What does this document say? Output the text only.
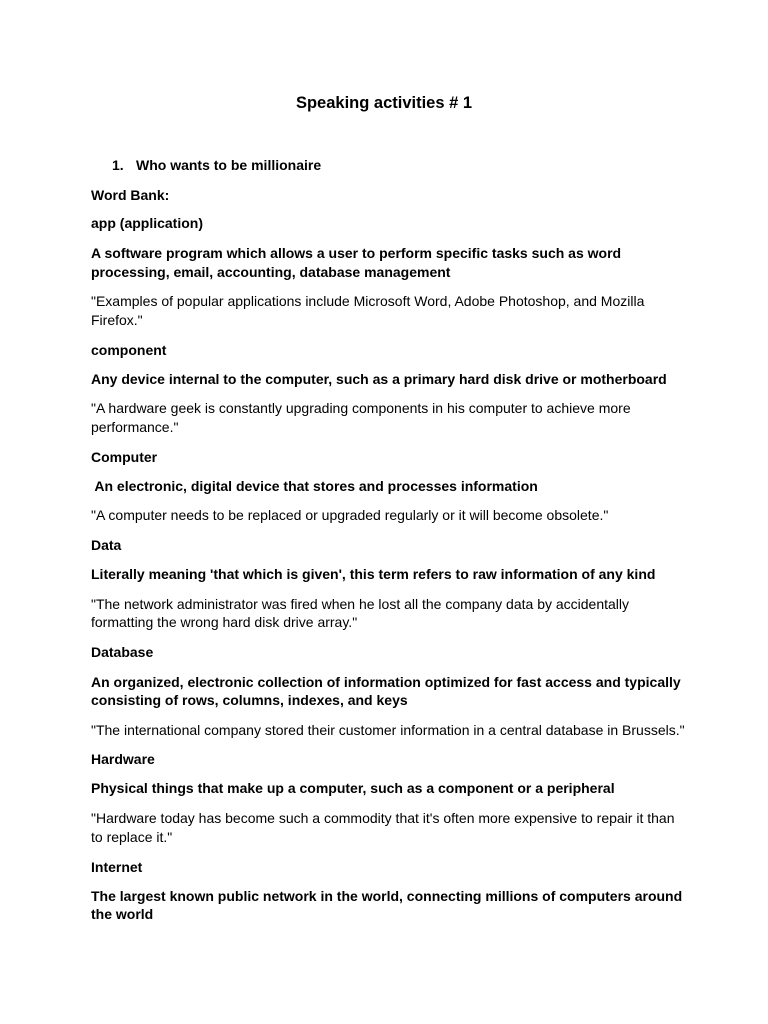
Speaking activities # 1
1. Who wants to be millionaire
Word Bank:
app (application)
A software program which allows a user to perform specific tasks such as word
processing, email, accounting, database management
"Examples of popular applications include Microsoft Word, Adobe Photoshop, and Mozilla
Firefox."
component
Any device internal to the computer, such as a primary hard disk drive or motherboard
"A hardware geek is constantly upgrading components in his computer to achieve more
performance."
Computer
An electronic, digital device that stores and processes information
"A computer needs to be replaced or upgraded regularly or it will become obsolete."
Data
Literally meaning 'that which is given', this term refers to raw information of any kind
"The network administrator was fired when he lost all the company data by accidentally
formatting the wrong hard disk drive array."
Database
An organized, electronic collection of information optimized for fast access and typically
consisting of rows, columns, indexes, and keys
"The international company stored their customer information in a central database in Brussels."
Hardware
Physical things that make up a computer, such as a component or a peripheral
"Hardware today has become such a commodity that it's often more expensive to repair it than
to replace it."
Internet
The largest known public network in the world, connecting millions of computers around
the world
